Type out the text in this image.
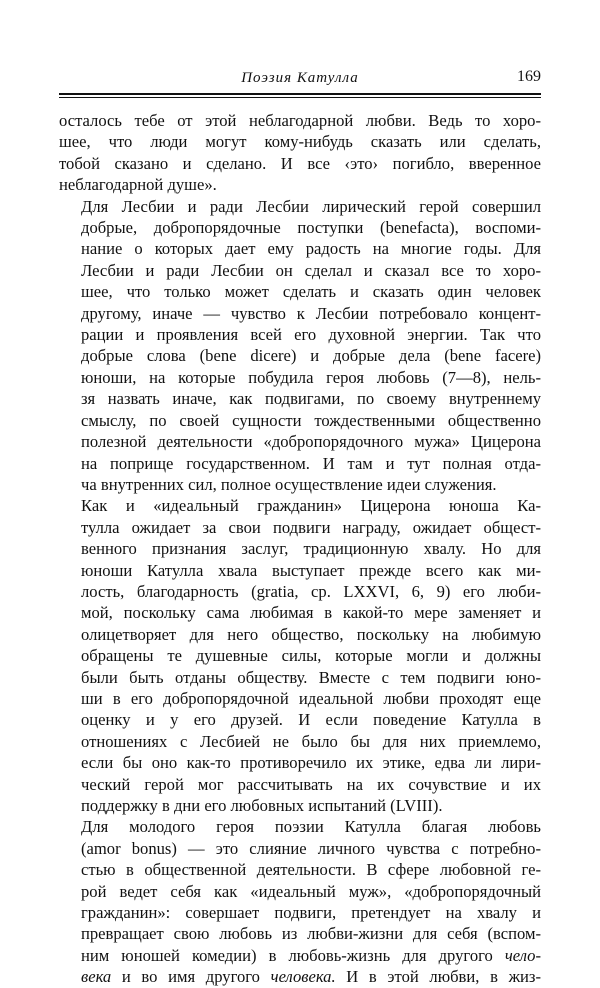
Поэзия Катулла	169

осталось тебе от этой неблагодарной любви. Ведь то хоро-
шее, что люди могут кому-нибудь сказать или сделать,
тобой сказано и сделано. И все ‹это› погибло, вверенное
неблагодарной душе».

Для Лесбии и ради Лесбии лирический герой совершил
добрые, добропорядочные поступки (benefacta), воспоми-
нание о которых дает ему радость на многие годы. Для
Лесбии и ради Лесбии он сделал и сказал все то хоро-
шее, что только может сделать и сказать один человек
другому, иначе — чувство к Лесбии потребовало концент-
рации и проявления всей его духовной энергии. Так что
добрые слова (bene dicere) и добрые дела (bene facere)
юноши, на которые побудила героя любовь (7—8), нель-
зя назвать иначе, как подвигами, по своему внутреннему
смыслу, по своей сущности тождественными общественно
полезной деятельности «добропорядочного мужа» Цицерона
на поприще государственном. И там и тут полная отда-
ча внутренних сил, полное осуществление идеи служения.

Как и «идеальный гражданин» Цицерона юноша Ка-
тулла ожидает за свои подвиги награду, ожидает общест-
венного признания заслуг, традиционную хвалу. Но для
юноши Катулла хвала выступает прежде всего как ми-
лость, благодарность (gratia, ср. LXXVI, 6, 9) его люби-
мой, поскольку сама любимая в какой-то мере заменяет и
олицетворяет для него общество, поскольку на любимую
обращены те душевные силы, которые могли и должны
были быть отданы обществу. Вместе с тем подвиги юно-
ши в его добропорядочной идеальной любви проходят еще
оценку и у его друзей. И если поведение Катулла в
отношениях с Лесбией не было бы для них приемлемо,
если бы оно как-то противоречило их этике, едва ли лири-
ческий герой мог рассчитывать на их сочувствие и их
поддержку в дни его любовных испытаний (LVIII).

Для молодого героя поэзии Катулла благая любовь
(amor bonus) — это слияние личного чувства с потребно-
стью в общественной деятельности. В сфере любовной ге-
рой ведет себя как «идеальный муж», «добропорядочный
гражданин»: совершает подвиги, претендует на хвалу и
превращает свою любовь из любви-жизни для себя (вспом-
ним юношей комедии) в любовь-жизнь для другого чело-
века и во имя другого человека. И в этой любви, в жиз-
